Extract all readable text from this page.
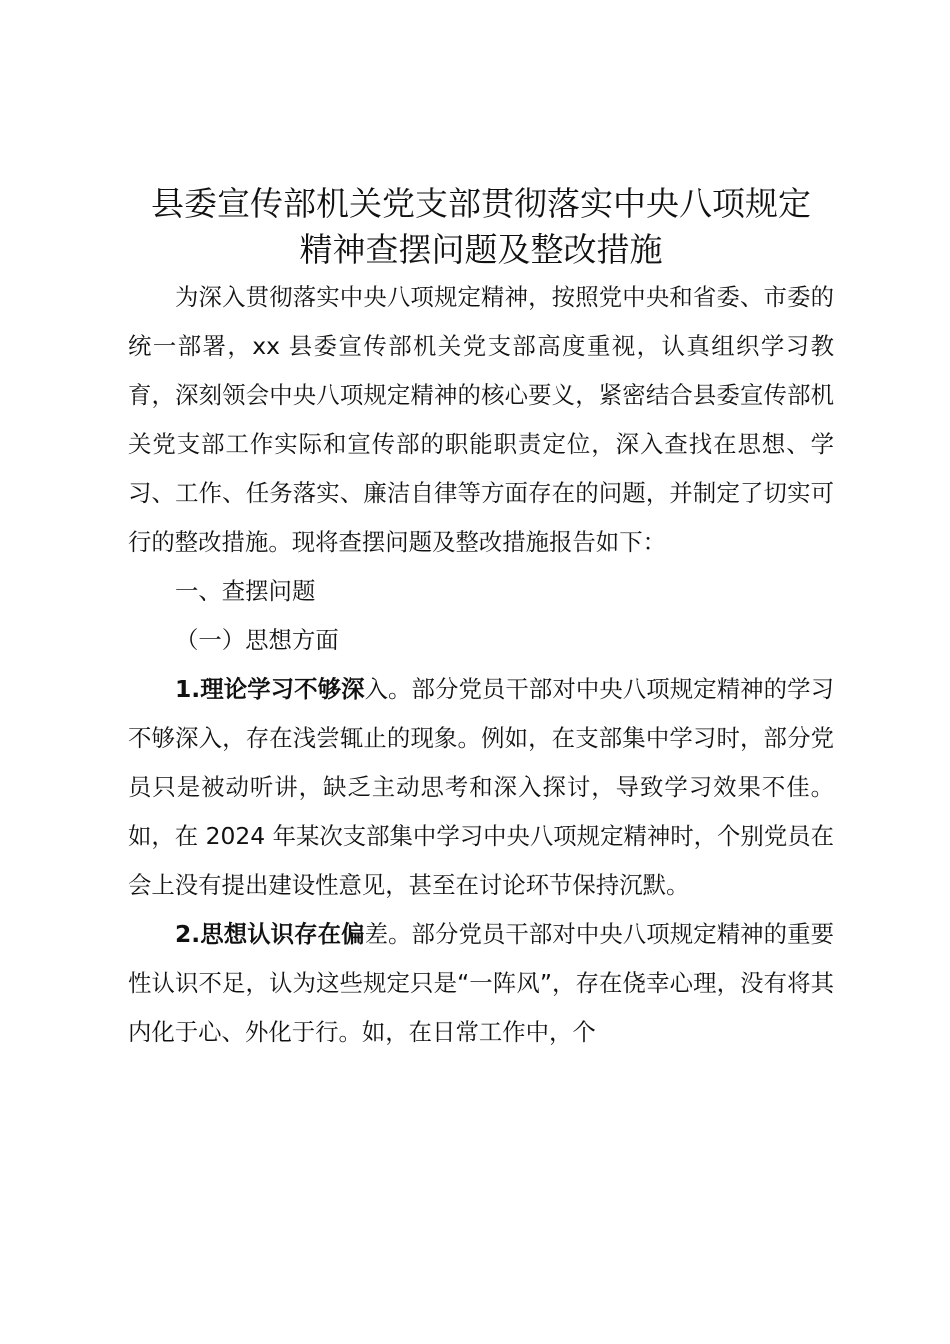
县委宣传部机关党支部贯彻落实中央八项规定
精神查摆问题及整改措施

为深入贯彻落实中央八项规定精神，按照党中央和省委、市委的统一部署，xx 县委宣传部机关党支部高度重视，认真组织学习教育，深刻领会中央八项规定精神的核心要义，紧密结合县委宣传部机关党支部工作实际和宣传部的职能职责定位，深入查找在思想、学习、工作、任务落实、廉洁自律等方面存在的问题，并制定了切实可行的整改措施。现将查摆问题及整改措施报告如下：

一、查摆问题

（一）思想方面

1.理论学习不够深入。部分党员干部对中央八项规定精神的学习不够深入，存在浅尝辄止的现象。例如，在支部集中学习时，部分党员只是被动听讲，缺乏主动思考和深入探讨，导致学习效果不佳。如，在 2024 年某次支部集中学习中央八项规定精神时，个别党员在会上没有提出建设性意见，甚至在讨论环节保持沉默。

2.思想认识存在偏差。部分党员干部对中央八项规定精神的重要性认识不足，认为这些规定只是“一阵风”，存在侥幸心理，没有将其内化于心、外化于行。如，在日常工作中，个
